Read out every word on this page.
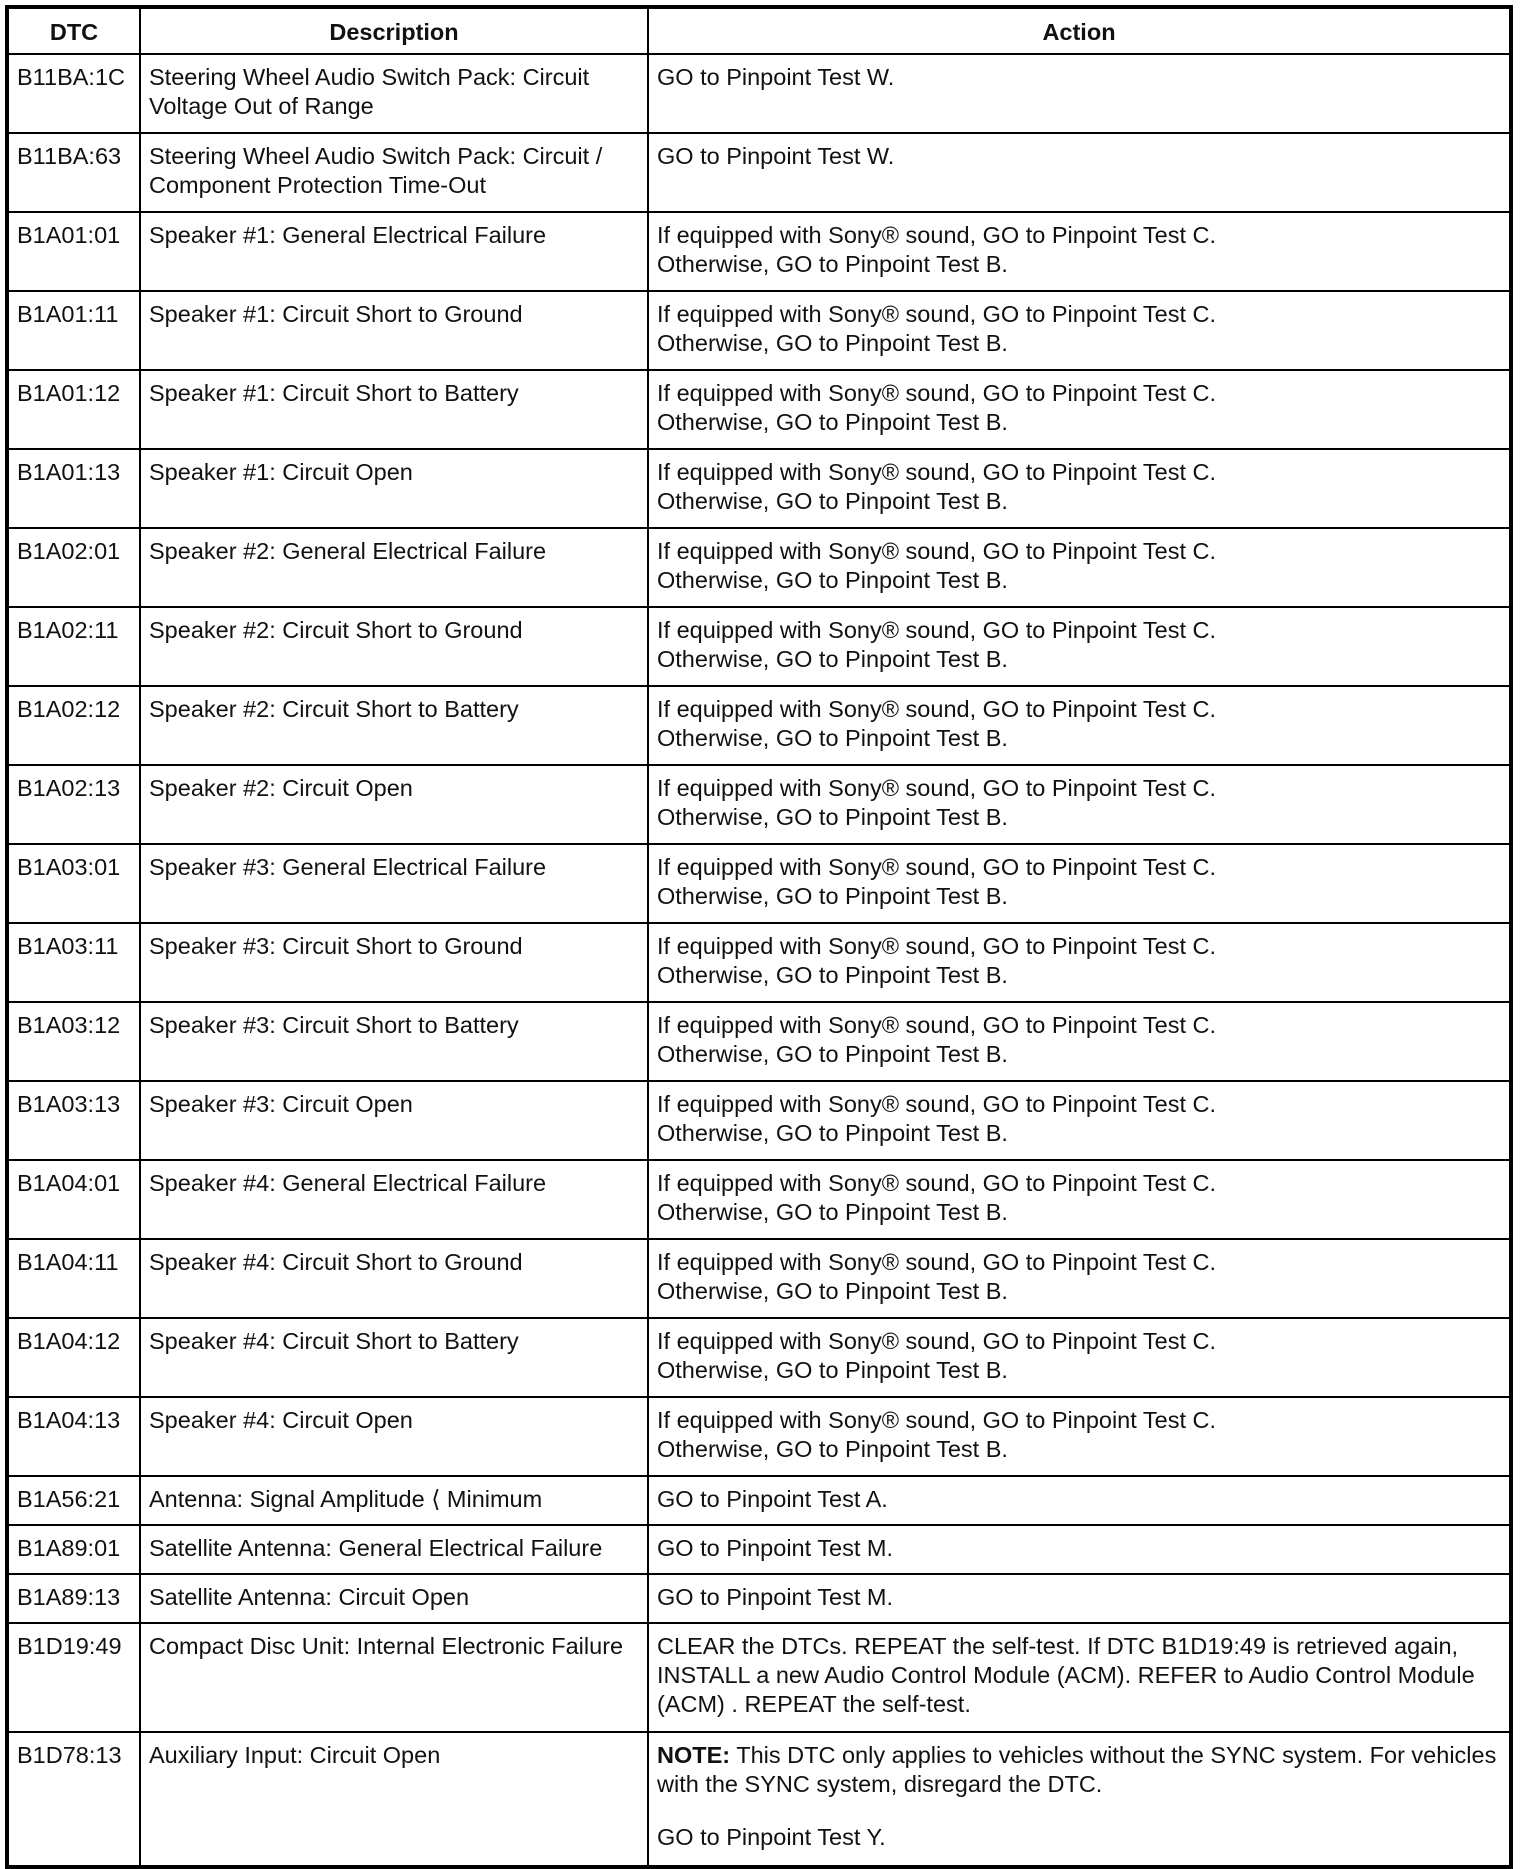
DTC	Description	Action
B11BA:1C	Steering Wheel Audio Switch Pack: Circuit Voltage Out of Range	GO to Pinpoint Test W.

B11BA:63	Steering Wheel Audio Switch Pack: Circuit / Component Protection Time-Out	GO to Pinpoint Test W.

B1A01:01	Speaker #1: General Electrical Failure	If equipped with Sony® sound, GO to Pinpoint Test C.
Otherwise, GO to Pinpoint Test B.

B1A01:11	Speaker #1: Circuit Short to Ground	If equipped with Sony® sound, GO to Pinpoint Test C.
Otherwise, GO to Pinpoint Test B.

B1A01:12	Speaker #1: Circuit Short to Battery	If equipped with Sony® sound, GO to Pinpoint Test C.
Otherwise, GO to Pinpoint Test B.

B1A01:13	Speaker #1: Circuit Open	If equipped with Sony® sound, GO to Pinpoint Test C.
Otherwise, GO to Pinpoint Test B.

B1A02:01	Speaker #2: General Electrical Failure	If equipped with Sony® sound, GO to Pinpoint Test C.
Otherwise, GO to Pinpoint Test B.

B1A02:11	Speaker #2: Circuit Short to Ground	If equipped with Sony® sound, GO to Pinpoint Test C.
Otherwise, GO to Pinpoint Test B.

B1A02:12	Speaker #2: Circuit Short to Battery	If equipped with Sony® sound, GO to Pinpoint Test C.
Otherwise, GO to Pinpoint Test B.

B1A02:13	Speaker #2: Circuit Open	If equipped with Sony® sound, GO to Pinpoint Test C.
Otherwise, GO to Pinpoint Test B.

B1A03:01	Speaker #3: General Electrical Failure	If equipped with Sony® sound, GO to Pinpoint Test C.
Otherwise, GO to Pinpoint Test B.

B1A03:11	Speaker #3: Circuit Short to Ground	If equipped with Sony® sound, GO to Pinpoint Test C.
Otherwise, GO to Pinpoint Test B.

B1A03:12	Speaker #3: Circuit Short to Battery	If equipped with Sony® sound, GO to Pinpoint Test C.
Otherwise, GO to Pinpoint Test B.

B1A03:13	Speaker #3: Circuit Open	If equipped with Sony® sound, GO to Pinpoint Test C.
Otherwise, GO to Pinpoint Test B.

B1A04:01	Speaker #4: General Electrical Failure	If equipped with Sony® sound, GO to Pinpoint Test C.
Otherwise, GO to Pinpoint Test B.

B1A04:11	Speaker #4: Circuit Short to Ground	If equipped with Sony® sound, GO to Pinpoint Test C.
Otherwise, GO to Pinpoint Test B.

B1A04:12	Speaker #4: Circuit Short to Battery	If equipped with Sony® sound, GO to Pinpoint Test C.
Otherwise, GO to Pinpoint Test B.

B1A04:13	Speaker #4: Circuit Open	If equipped with Sony® sound, GO to Pinpoint Test C.
Otherwise, GO to Pinpoint Test B.

B1A56:21	Antenna: Signal Amplitude ⟨ Minimum	GO to Pinpoint Test A.

B1A89:01	Satellite Antenna: General Electrical Failure	GO to Pinpoint Test M.

B1A89:13	Satellite Antenna: Circuit Open	GO to Pinpoint Test M.

B1D19:49	Compact Disc Unit: Internal Electronic Failure	CLEAR the DTCs. REPEAT the self-test. If DTC B1D19:49 is retrieved again, INSTALL a new Audio Control Module (ACM). REFER to Audio Control Module (ACM) . REPEAT the self-test.

B1D78:13	Auxiliary Input: Circuit Open	NOTE: This DTC only applies to vehicles without the SYNC system. For vehicles with the SYNC system, disregard the DTC.
GO to Pinpoint Test Y.
